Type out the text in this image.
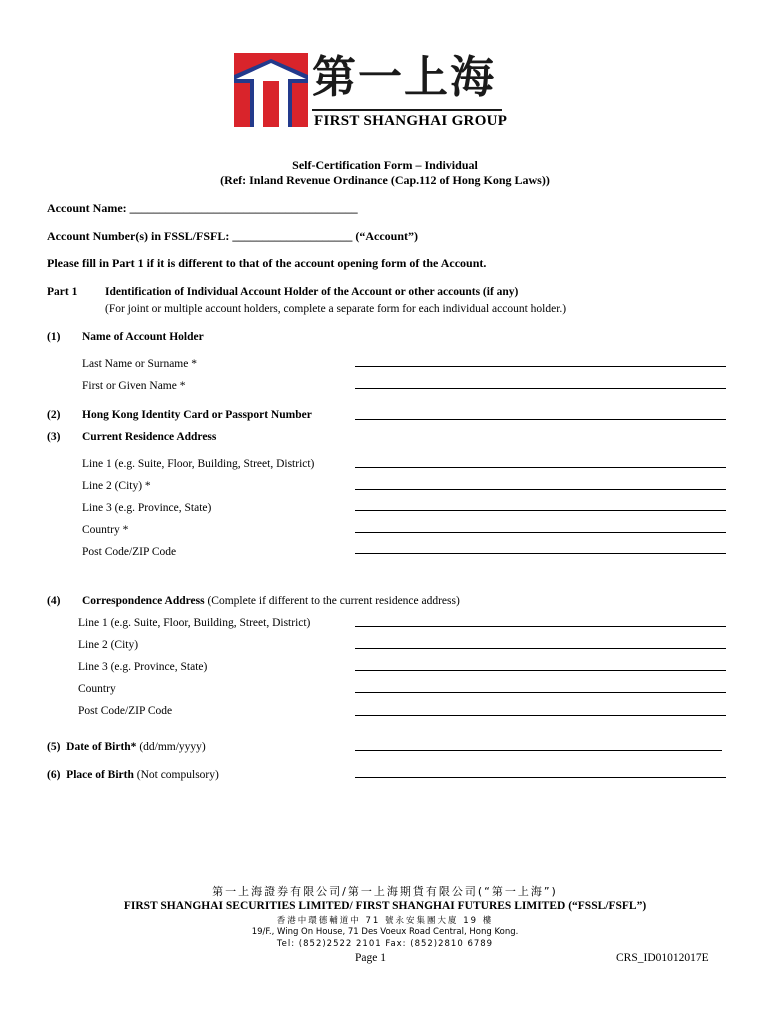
第一上海
FIRST SHANGHAI GROUP
Self-Certification Form – Individual
(Ref: Inland Revenue Ordinance (Cap.112 of Hong Kong Laws))
Account Name: ______________________________________
Account Number(s) in FSSL/FSFL: ____________________ (“Account”)
Please fill in Part 1 if it is different to that of the account opening form of the Account.
Part 1 Identification of Individual Account Holder of the Account or other accounts (if any)
(For joint or multiple account holders, complete a separate form for each individual account holder.)
(1) Name of Account Holder
Last Name or Surname *
First or Given Name *
(2) Hong Kong Identity Card or Passport Number
(3) Current Residence Address
Line 1 (e.g. Suite, Floor, Building, Street, District)
Line 2 (City) *
Line 3 (e.g. Province, State)
Country *
Post Code/ZIP Code
(4) Correspondence Address (Complete if different to the current residence address)
Line 1 (e.g. Suite, Floor, Building, Street, District)
Line 2 (City)
Line 3 (e.g. Province, State)
Country
Post Code/ZIP Code
(5) Date of Birth* (dd/mm/yyyy)
(6) Place of Birth (Not compulsory)
第一上海證券有限公司/第一上海期貨有限公司(“第一上海”)
FIRST SHANGHAI SECURITIES LIMITED/ FIRST SHANGHAI FUTURES LIMITED (“FSSL/FSFL”)
香港中環德輔道中 71 號永安集團大廈 19 樓
19/F., Wing On House, 71 Des Voeux Road Central, Hong Kong.
Tel: (852)2522 2101 Fax: (852)2810 6789
Page 1	CRS_ID01012017E
